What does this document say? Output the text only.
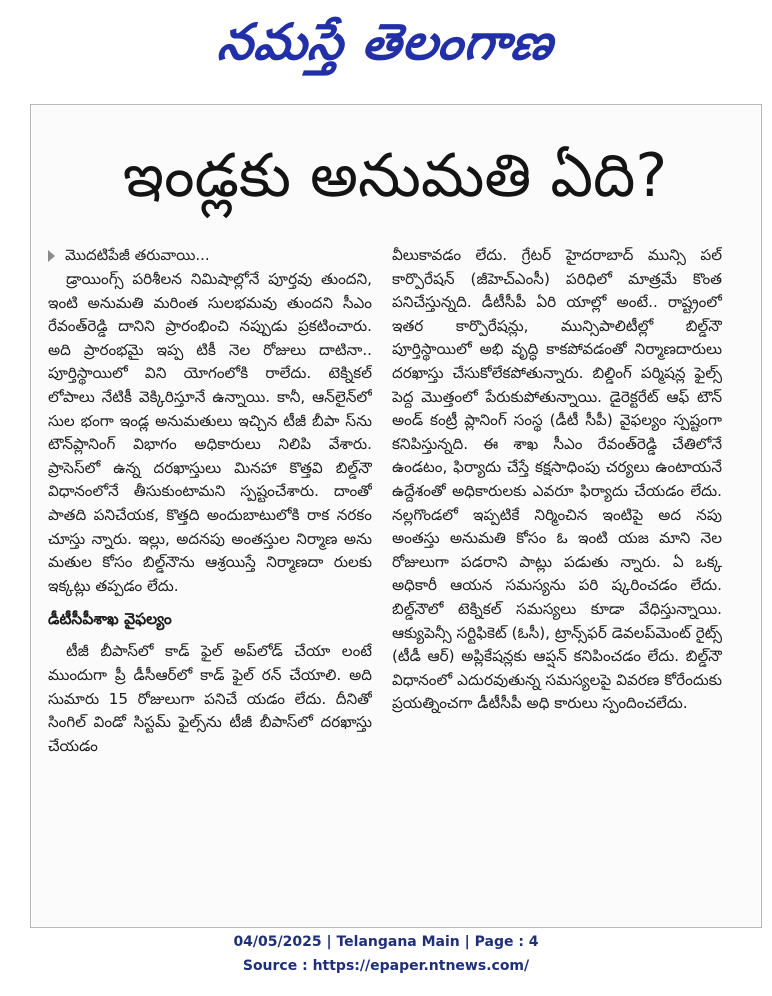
నమస్తే తెలంగాణ
ఇండ్లకు అనుమతి ఏది?
మొదటిపేజీ తరువాయి...

డ్రాయింగ్స్ పరిశీలన నిమిషాల్లోనే పూర్తవు తుందని, ఇంటి అనుమతి మరింత సులభమవు తుందని సీఎం రేవంత్‌రెడ్డి దానిని ప్రారంభించి నప్పుడు ప్రకటించారు. అది ప్రారంభమై ఇప్ప టికీ నెల రోజులు దాటినా.. పూర్తిస్థాయిలో విని యోగంలోకి రాలేదు. టెక్నికల్ లోపాలు నేటికీ వెక్కిరిస్తూనే ఉన్నాయి. కానీ, ఆన్‌లైన్‌లో సుల భంగా ఇండ్ల అనుమతులు ఇచ్చిన టీజీ బీపా స్‌ను టౌన్‌ప్లానింగ్ విభాగం అధికారులు నిలిపి వేశారు. ప్రాసెస్‌లో ఉన్న దరఖాస్తులు మినహా కొత్తవి బిల్డ్‌నౌ విధానంలోనే తీసుకుంటామని స్పష్టంచేశారు. దాంతో పాతది పనిచేయక, కొత్తది అందుబాటులోకి రాక నరకం చూస్తు న్నారు. ఇల్లు, అదనపు అంతస్తుల నిర్మాణ అను మతుల కోసం బిల్డ్‌నౌను ఆశ్రయిస్తే నిర్మాణదా రులకు ఇక్కట్లు తప్పడం లేదు.

డీటీసీపీశాఖ వైఫల్యం

టీజీ బీపాస్‌లో కాడ్ ఫైల్ అప్‌లోడ్ చేయా లంటే ముందుగా ప్రీ డీసీఆర్‌లో కాడ్ ఫైల్ రన్ చేయాలి. అది సుమారు 15 రోజులుగా పనిచే యడం లేదు. దీనితో సింగిల్ విండో సిస్టమ్ ఫైల్స్‌ను టీజీ బీపాస్‌లో దరఖాస్తు చేయడం

వీలుకావడం లేదు. గ్రేటర్ హైదరాబాద్ మున్సి పల్ కార్పొరేషన్ (జీహెచ్‌ఎంసీ) పరిధిలో మాత్రమే కొంత పనిచేస్తున్నది. డీటీసీపీ ఏరి యాల్లో అంటే.. రాష్ట్రంలో ఇతర కార్పొరేషన్లు, మున్సిపాలిటీల్లో బిల్డ్‌నౌ పూర్తిస్థాయిలో అభి వృద్ధి కాకపోవడంతో నిర్మాణదారులు దరఖాస్తు చేసుకోలేకపోతున్నారు. బిల్డింగ్ పర్మిషన్ల ఫైల్స్ పెద్ద మొత్తంలో పేరుకుపోతున్నాయి. డైరెక్టరేట్ ఆఫ్ టౌన్ అండ్ కంట్రీ ప్లానింగ్ సంస్థ (డీటీ సీపీ) వైఫల్యం స్పష్టంగా కనిపిస్తున్నది. ఈ శాఖ సీఎం రేవంత్‌రెడ్డి చేతిలోనే ఉండటం, ఫిర్యాదు చేస్తే కక్షసాధింపు చర్యలు ఉంటాయనే ఉద్దేశంతో అధికారులకు ఎవరూ ఫిర్యాదు చేయడం లేదు. నల్లగొండలో ఇప్పటికే నిర్మించిన ఇంటిపై అద నపు అంతస్తు అనుమతి కోసం ఓ ఇంటి యజ మాని నెల రోజులుగా పడరాని పాట్లు పడుతు న్నారు. ఏ ఒక్క అధికారీ ఆయన సమస్యను పరి ష్కరించడం లేదు. బిల్డ్‌నౌలో టెక్నికల్ సమస్యలు కూడా వేధిస్తున్నాయి. ఆక్యుపెన్సీ సర్టిఫికెట్ (ఓసీ), ట్రాన్స్‌ఫర్ డెవలప్‌మెంట్ రైట్స్ (టీడీ ఆర్) అప్లికేషన్లకు ఆప్షన్ కనిపించడం లేదు. బిల్డ్‌నౌ విధానంలో ఎదురవుతున్న సమస్యలపై వివరణ కోరేందుకు ప్రయత్నించగా డీటీసీపీ అధి కారులు స్పందించలేదు.

04/05/2025 | Telangana Main | Page : 4
Source : https://epaper.ntnews.com/
